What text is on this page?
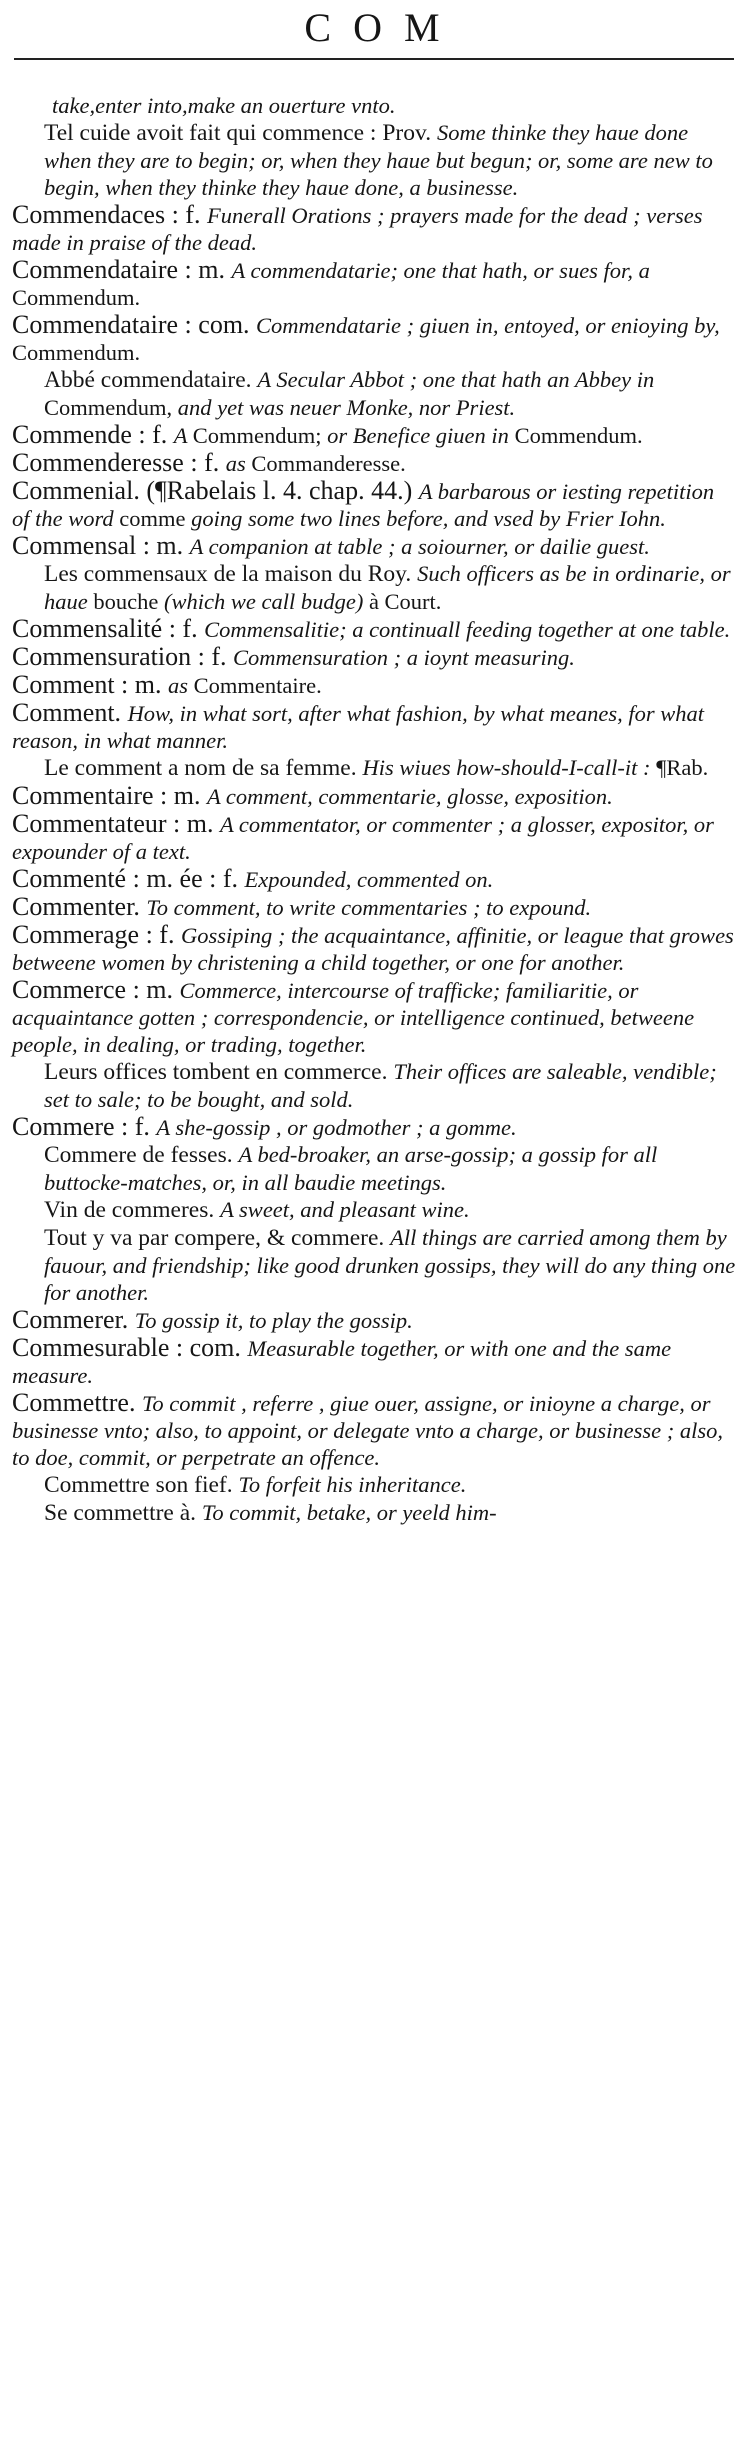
COM
take,enter into,make an ouerture vnto.
Tel cuide avoit fait qui commence : Prov. Some thinke they haue done when they are to begin; or, when they haue but begun; or, some are new to begin, when they thinke they haue done, a businesse.
Commendaces : f. Funerall Orations ; prayers made for the dead ; verses made in praise of the dead.
Commendataire : m. A commendatarie; one that hath, or sues for, a Commendum.
Commendataire : com. Commendatarie ; giuen in, entoyed, or enioying by, Commendum.
Abbé commendataire. A Secular Abbot ; one that hath an Abbey in Commendum, and yet was neuer Monke, nor Priest.
Commende : f. A Commendum; or Benefice giuen in Commendum.
Commenderesse : f. as Commanderesse.
Commenial. (¶Rabelais l. 4. chap. 44.) A barbarous or iesting repetition of the word comme going some two lines before, and vsed by Frier Iohn.
Commensal : m. A companion at table ; a soiourner, or dailie guest.
Les commensaux de la maison du Roy. Such officers as be in ordinarie, or haue bouche (which we call budge) à Court.
Commensalité : f. Commensalitie; a continuall feeding together at one table.
Commensuration : f. Commensuration ; a ioynt measuring.
Comment : m. as Commentaire.
Comment. How, in what sort, after what fashion, by what meanes, for what reason, in what manner.
Le comment a nom de sa femme. His wiues how-should-I-call-it : ¶Rab.
Commentaire : m. A comment, commentarie, glosse, exposition.
Commentateur : m. A commentator, or commenter ; a glosser, expositor, or expounder of a text.
Commenté : m. ée : f. Expounded, commented on.
Commenter. To comment, to write commentaries ; to expound.
Commerage : f. Gossiping ; the acquaintance, affinitie, or league that growes betweene women by christening a child together, or one for another.
Commerce : m. Commerce, intercourse of trafficke; familiaritie, or acquaintance gotten ; correspondencie, or intelligence continued, betweene people, in dealing, or trading, together.
Leurs offices tombent en commerce. Their offices are saleable, vendible; set to sale; to be bought, and sold.
Commere : f. A she-gossip , or godmother ; a gomme.
Commere de fesses. A bed-broaker, an arse-gossip; a gossip for all buttocke-matches, or, in all baudie meetings.
Vin de commeres. A sweet, and pleasant wine.
Tout y va par compere, & commere. All things are carried among them by fauour, and friendship; like good drunken gossips, they will do any thing one for another.
Commerer. To gossip it, to play the gossip.
Commesurable : com. Measurable together, or with one and the same measure.
Commettre. To commit , referre , giue ouer, assigne, or inioyne a charge, or businesse vnto; also, to appoint, or delegate vnto a charge, or businesse ; also, to doe, commit, or perpetrate an offence.
Commettre son fief. To forfeit his inheritance.
Se commettre à. To commit, betake, or yeeld him-
